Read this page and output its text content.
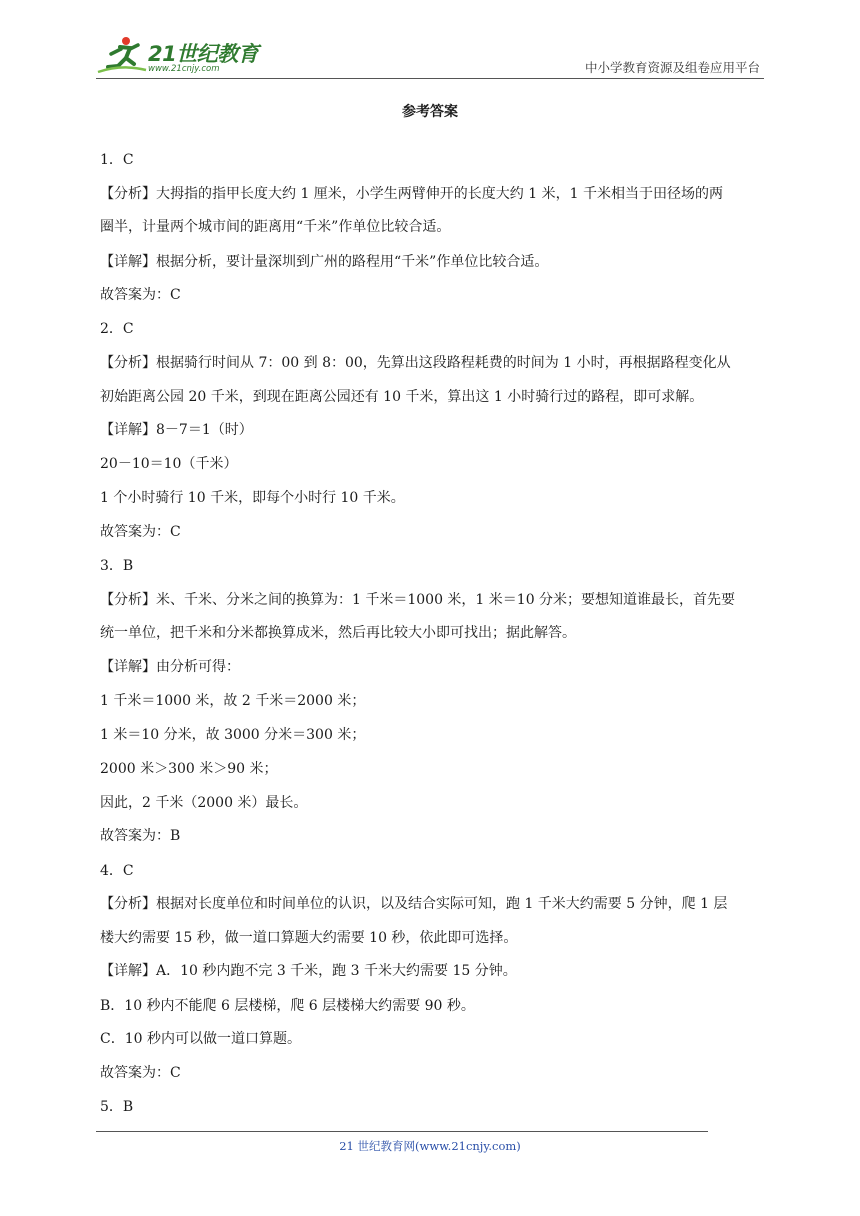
21世纪教育
www.21cnjy.com	中小学教育资源及组卷应用平台
参考答案
1．C
【分析】大拇指的指甲长度大约 1 厘米，小学生两臂伸开的长度大约 1 米，1 千米相当于田径场的两
圈半，计量两个城市间的距离用“千米”作单位比较合适。
【详解】根据分析，要计量深圳到广州的路程用“千米”作单位比较合适。
故答案为：C
2．C
【分析】根据骑行时间从 7：00 到 8：00，先算出这段路程耗费的时间为 1 小时，再根据路程变化从
初始距离公园 20 千米，到现在距离公园还有 10 千米，算出这 1 小时骑行过的路程，即可求解。
【详解】8－7＝1（时）
20－10＝10（千米）
1 个小时骑行 10 千米，即每个小时行 10 千米。
故答案为：C
3．B
【分析】米、千米、分米之间的换算为：1 千米＝1000 米，1 米＝10 分米；要想知道谁最长，首先要
统一单位，把千米和分米都换算成米，然后再比较大小即可找出；据此解答。
【详解】由分析可得：
1 千米＝1000 米，故 2 千米＝2000 米；
1 米＝10 分米，故 3000 分米＝300 米；
2000 米＞300 米＞90 米；
因此，2 千米（2000 米）最长。
故答案为：B
4．C
【分析】根据对长度单位和时间单位的认识，以及结合实际可知，跑 1 千米大约需要 5 分钟，爬 1 层
楼大约需要 15 秒，做一道口算题大约需要 10 秒，依此即可选择。
【详解】A．10 秒内跑不完 3 千米，跑 3 千米大约需要 15 分钟。
B．10 秒内不能爬 6 层楼梯，爬 6 层楼梯大约需要 90 秒。
C．10 秒内可以做一道口算题。
故答案为：C
5．B
21 世纪教育网(www.21cnjy.com)
